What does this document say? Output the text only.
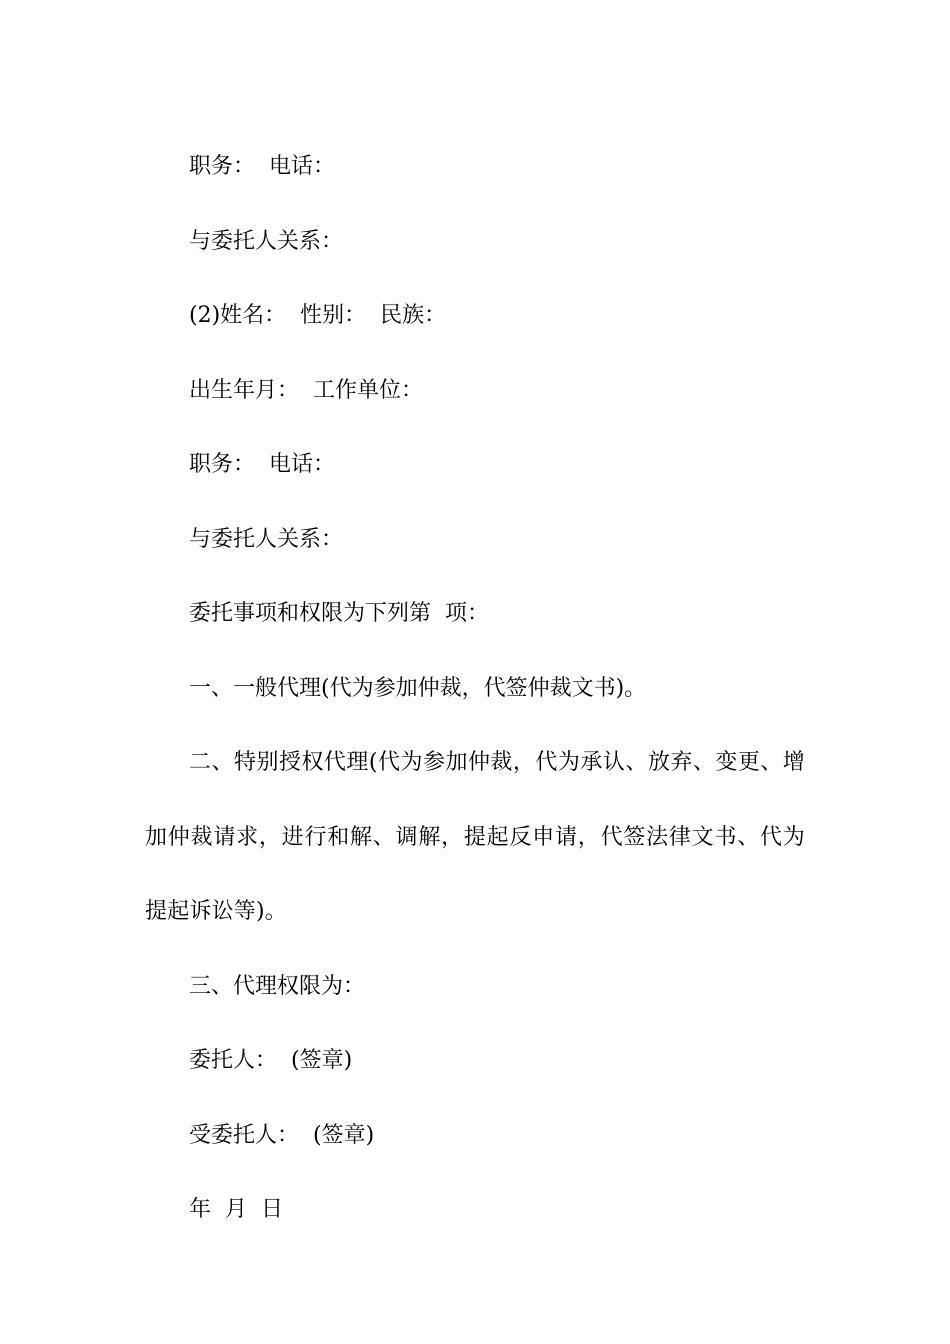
职务：  电话：

与委托人关系：

(2)姓名：  性别：  民族：

出生年月：  工作单位：

职务：  电话：

与委托人关系：

委托事项和权限为下列第  项：

一、一般代理(代为参加仲裁，代签仲裁文书)。

二、特别授权代理(代为参加仲裁，代为承认、放弃、变更、增加仲裁请求，进行和解、调解，提起反申请，代签法律文书、代为提起诉讼等)。

三、代理权限为：

委托人：  (签章)

受委托人：  (签章)

年  月  日
